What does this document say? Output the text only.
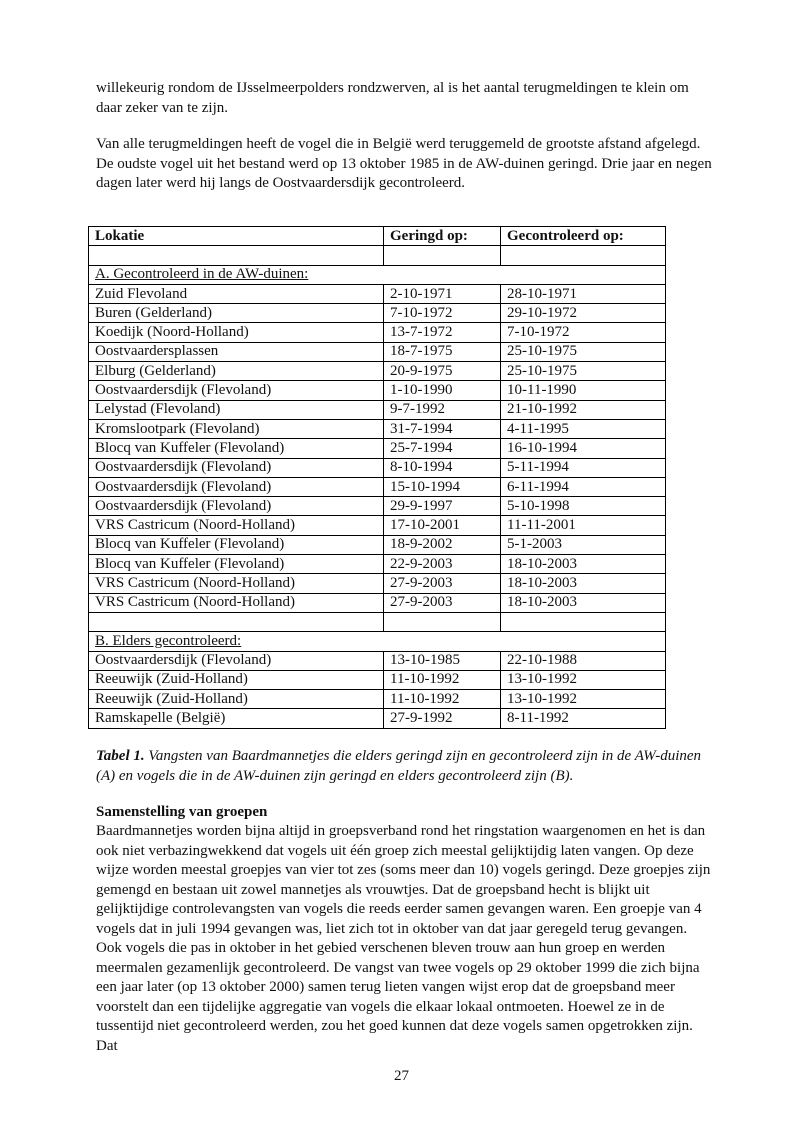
willekeurig rondom de IJsselmeerpolders rondzwerven, al is het aantal terugmeldingen te klein om daar zeker van te zijn.

Van alle terugmeldingen heeft de vogel die in België werd teruggemeld de grootste afstand afgelegd. De oudste vogel uit het bestand werd op 13 oktober 1985 in de AW-duinen geringd. Drie jaar en negen dagen later werd hij langs de Oostvaardersdijk gecontroleerd.

Lokatie	Geringd op:	Gecontroleerd op:

A. Gecontroleerd in de AW-duinen:		
Zuid Flevoland	2-10-1971	28-10-1971
Buren (Gelderland)	7-10-1972	29-10-1972
Koedijk (Noord-Holland)	13-7-1972	7-10-1972
Oostvaardersplassen	18-7-1975	25-10-1975
Elburg (Gelderland)	20-9-1975	25-10-1975
Oostvaardersdijk (Flevoland)	1-10-1990	10-11-1990
Lelystad (Flevoland)	9-7-1992	21-10-1992
Kromslootpark (Flevoland)	31-7-1994	4-11-1995
Blocq van Kuffeler (Flevoland)	25-7-1994	16-10-1994
Oostvaardersdijk (Flevoland)	8-10-1994	5-11-1994
Oostvaardersdijk (Flevoland)	15-10-1994	6-11-1994
Oostvaardersdijk (Flevoland)	29-9-1997	5-10-1998
VRS Castricum (Noord-Holland)	17-10-2001	11-11-2001
Blocq van Kuffeler (Flevoland)	18-9-2002	5-1-2003
Blocq van Kuffeler (Flevoland)	22-9-2003	18-10-2003
VRS Castricum (Noord-Holland)	27-9-2003	18-10-2003
VRS Castricum (Noord-Holland)	27-9-2003	18-10-2003

B. Elders gecontroleerd:		
Oostvaardersdijk (Flevoland)	13-10-1985	22-10-1988
Reeuwijk (Zuid-Holland)	11-10-1992	13-10-1992
Reeuwijk (Zuid-Holland)	11-10-1992	13-10-1992
Ramskapelle (België)	27-9-1992	8-11-1992
Tabel 1. Vangsten van Baardmannetjes die elders geringd zijn en gecontroleerd zijn in de AW-duinen (A) en vogels die in de AW-duinen zijn geringd en elders gecontroleerd zijn (B).
Samenstelling van groepen

Baardmannetjes worden bijna altijd in groepsverband rond het ringstation waargenomen en het is dan ook niet verbazingwekkend dat vogels uit één groep zich meestal gelijktijdig laten vangen. Op deze wijze worden meestal groepjes van vier tot zes (soms meer dan 10) vogels geringd. Deze groepjes zijn gemengd en bestaan uit zowel mannetjes als vrouwtjes. Dat de groepsband hecht is blijkt uit gelijktijdige controlevangsten van vogels die reeds eerder samen gevangen waren. Een groepje van 4 vogels dat in juli 1994 gevangen was, liet zich tot in oktober van dat jaar geregeld terug gevangen. Ook vogels die pas in oktober in het gebied verschenen bleven trouw aan hun groep en werden meermalen gezamenlijk gecontroleerd. De vangst van twee vogels op 29 oktober 1999 die zich bijna een jaar later (op 13 oktober 2000) samen terug lieten vangen wijst erop dat de groepsband meer voorstelt dan een tijdelijke aggregatie van vogels die elkaar lokaal ontmoeten. Hoewel ze in de tussentijd niet gecontroleerd werden, zou het goed kunnen dat deze vogels samen opgetrokken zijn. Dat

27
